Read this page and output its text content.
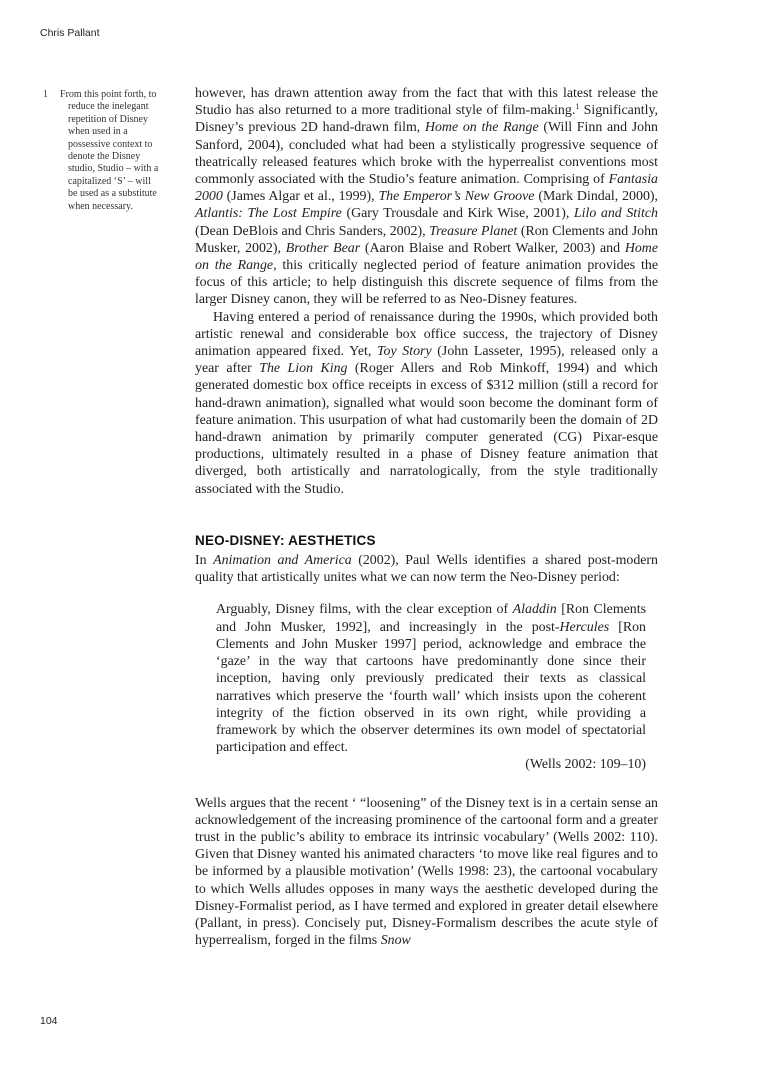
Chris Pallant
1	From this point forth, to reduce the inelegant repetition of Disney when used in a possessive context to denote the Disney studio, Studio – with a capitalized ‘S’ – will be used as a substitute when necessary.

however, has drawn attention away from the fact that with this latest release the Studio has also returned to a more traditional style of film-making.$^1$ Significantly, Disney’s previous 2D hand-drawn film, Home on the Range (Will Finn and John Sanford, 2004), concluded what had been a stylistically progressive sequence of theatrically released features which broke with the hyperrealist conventions most commonly associated with the Studio’s feature animation. Comprising of Fantasia 2000 (James Algar et al., 1999), The Emperor’s New Groove (Mark Dindal, 2000), Atlantis: The Lost Empire (Gary Trousdale and Kirk Wise, 2001), Lilo and Stitch (Dean DeBlois and Chris Sanders, 2002), Treasure Planet (Ron Clements and John Musker, 2002), Brother Bear (Aaron Blaise and Robert Walker, 2003) and Home on the Range, this critically neglected period of feature animation provides the focus of this article; to help distinguish this discrete sequence of films from the larger Disney canon, they will be referred to as Neo-Disney features.

Having entered a period of renaissance during the 1990s, which provided both artistic renewal and considerable box office success, the trajectory of Disney animation appeared fixed. Yet, Toy Story (John Lasseter, 1995), released only a year after The Lion King (Roger Allers and Rob Minkoff, 1994) and which generated domestic box office receipts in excess of $312 million (still a record for hand-drawn animation), signalled what would soon become the dominant form of feature animation. This usurpation of what had customarily been the domain of 2D hand-drawn animation by primarily computer generated (CG) Pixar-esque productions, ultimately resulted in a phase of Disney feature animation that diverged, both artistically and narratologically, from the style traditionally associated with the Studio.

NEO-DISNEY: AESTHETICS

In Animation and America (2002), Paul Wells identifies a shared post-modern quality that artistically unites what we can now term the Neo-Disney period:

Arguably, Disney films, with the clear exception of Aladdin [Ron Clements and John Musker, 1992], and increasingly in the post-Hercules [Ron Clements and John Musker 1997] period, acknowledge and embrace the ‘gaze’ in the way that cartoons have predominantly done since their inception, having only previously predicated their texts as classical narratives which preserve the ‘fourth wall’ which insists upon the coherent integrity of the fiction observed in its own right, while providing a framework by which the observer determines its own model of spectatorial participation and effect.

(Wells 2002: 109–10)

Wells argues that the recent ‘ “loosening” of the Disney text is in a certain sense an acknowledgement of the increasing prominence of the cartoonal form and a greater trust in the public’s ability to embrace its intrinsic vocabulary’ (Wells 2002: 110). Given that Disney wanted his animated characters ‘to move like real figures and to be informed by a plausible motivation’ (Wells 1998: 23), the cartoonal vocabulary to which Wells alludes opposes in many ways the aesthetic developed during the Disney-Formalist period, as I have termed and explored in greater detail elsewhere (Pallant, in press). Concisely put, Disney-Formalism describes the acute style of hyperrealism, forged in the films Snow

104
